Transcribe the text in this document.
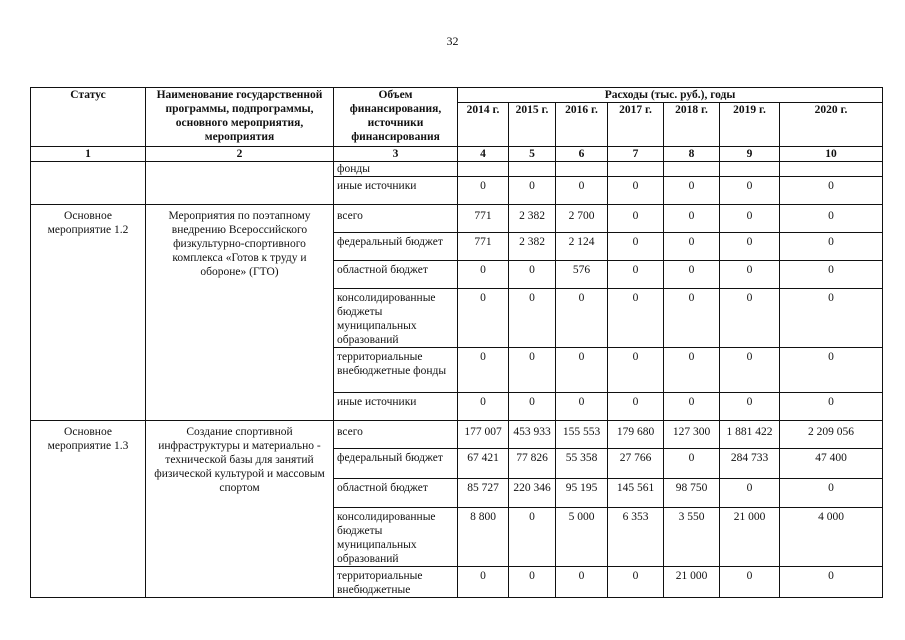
32
Статус	Наименование государственной программы, подпрограммы, основного мероприятия, мероприятия	Объем финансирования, источники финансирования	Расходы (тыс. руб.), годы						
			2014 г.	2015 г.	2016 г.	2017 г.	2018 г.	2019 г.	2020 г.
1	2	3	4	5	6	7	8	9	10
		фонды							
		иные источники	0	0	0	0	0	0	0
Основное мероприятие 1.2	Мероприятия по поэтапному внедрению Всероссийского физкультурно-спортивного комплекса «Готов к труду и обороне» (ГТО)	всего	771	2 382	2 700	0	0	0	0
		федеральный бюджет	771	2 382	2 124	0	0	0	0
		областной бюджет	0	0	576	0	0	0	0
		консолидированные бюджеты муниципальных образований	0	0	0	0	0	0	0
		территориальные внебюджетные фонды	0	0	0	0	0	0	0
		иные источники	0	0	0	0	0	0	0
Основное мероприятие 1.3	Создание спортивной инфраструктуры и материально - технической базы для занятий физической культурой и массовым спортом	всего	177 007	453 933	155 553	179 680	127 300	1 881 422	2 209 056
		федеральный бюджет	67 421	77 826	55 358	27 766	0	284 733	47 400
		областной бюджет	85 727	220 346	95 195	145 561	98 750	0	0
		консолидированные бюджеты муниципальных образований	8 800	0	5 000	6 353	3 550	21 000	4 000
		территориальные внебюджетные	0	0	0	0	21 000	0	0
